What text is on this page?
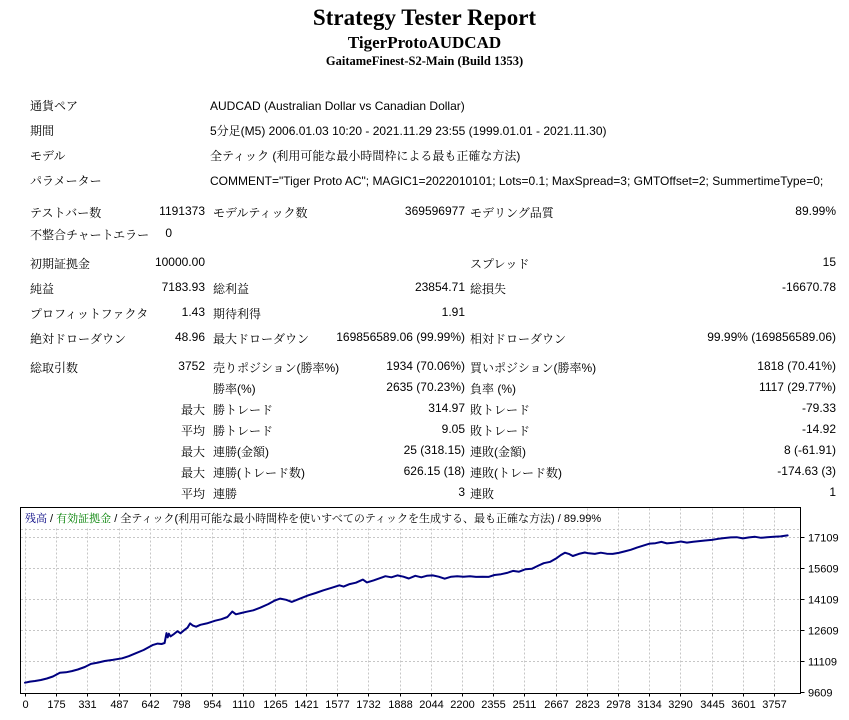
Strategy Tester Report
TigerProtoAUDCAD
GaitameFinest-S2-Main (Build 1353)
通貨ペア	AUDCAD (Australian Dollar vs Canadian Dollar)
期間	5分足(M5) 2006.01.03 10:20 - 2021.11.29 23:55 (1999.01.01 - 2021.11.30)
モデル	全ティック (利用可能な最小時間枠による最も正確な方法)
パラメーター	COMMENT="Tiger Proto AC"; MAGIC1=2022010101; Lots=0.1; MaxSpread=3; GMTOffset=2; SummertimeType=0;
テストバー数	1191373 モデルティック数	369596977 モデリング品質	89.99%
不整合チャートエラー 0
初期証拠金	10000.00	スプレッド	15
純益	7183.93 総利益	23854.71 総損失	-16670.78
プロフィットファクタ	1.43 期待利得	1.91
絶対ドローダウン	48.96 最大ドローダウン 169856589.06 (99.99%) 相対ドローダウン	99.99% (169856589.06)
総取引数	3752 売りポジション(勝率%)	1934 (70.06%) 買いポジション(勝率%)	1818 (70.41%)
勝率(%)	2635 (70.23%) 負率 (%)	1117 (29.77%)
最大 勝トレード	314.97 敗トレード	-79.33
平均 勝トレード	9.05 敗トレード	-14.92
最大 連勝(金額)	25 (318.15) 連敗(金額)	8 (-61.91)
最大 連勝(トレード数)	626.15 (18) 連敗(トレード数)	-174.63 (3)
平均 連勝	3 連敗	1
0 175 331 487 642 798 954 1110 1265 1421 1577 1732 1888 2044 2200 2355 2511 2667 2823 2978 3134 3290 3445 3601 3757
17109
15609
14109
12609
11109
9609
残高 / 有効証拠金 / 全ティック(利用可能な最小時間枠を使いすべてのティックを生成する、最も正確な方法) / 89.99%
